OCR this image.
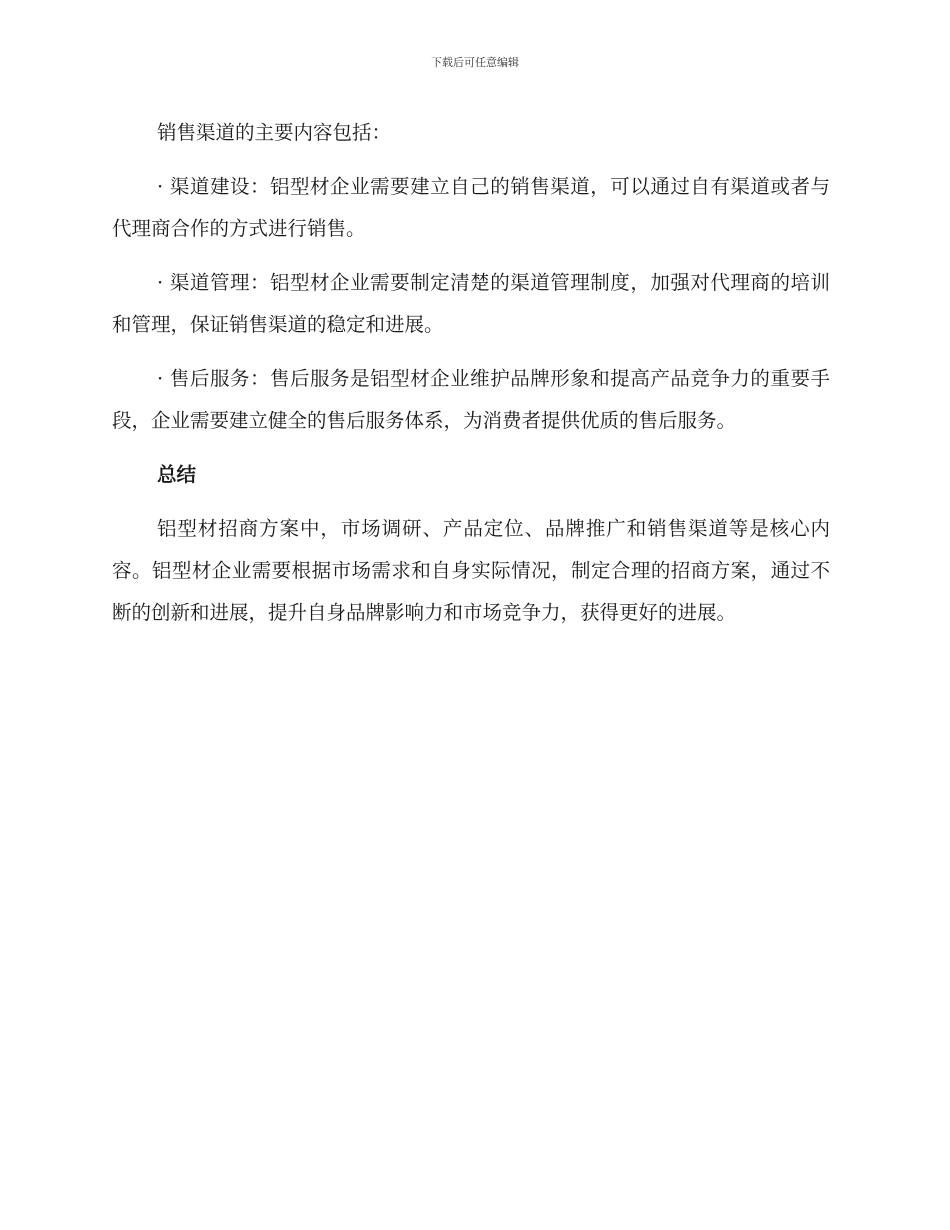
下载后可任意编辑

销售渠道的主要内容包括：

· 渠道建设：铝型材企业需要建立自己的销售渠道，可以通过自有渠道或者与代理商合作的方式进行销售。

· 渠道管理：铝型材企业需要制定清楚的渠道管理制度，加强对代理商的培训和管理，保证销售渠道的稳定和进展。

· 售后服务：售后服务是铝型材企业维护品牌形象和提高产品竞争力的重要手段，企业需要建立健全的售后服务体系，为消费者提供优质的售后服务。

总结

铝型材招商方案中，市场调研、产品定位、品牌推广和销售渠道等是核心内容。铝型材企业需要根据市场需求和自身实际情况，制定合理的招商方案，通过不断的创新和进展，提升自身品牌影响力和市场竞争力，获得更好的进展。
